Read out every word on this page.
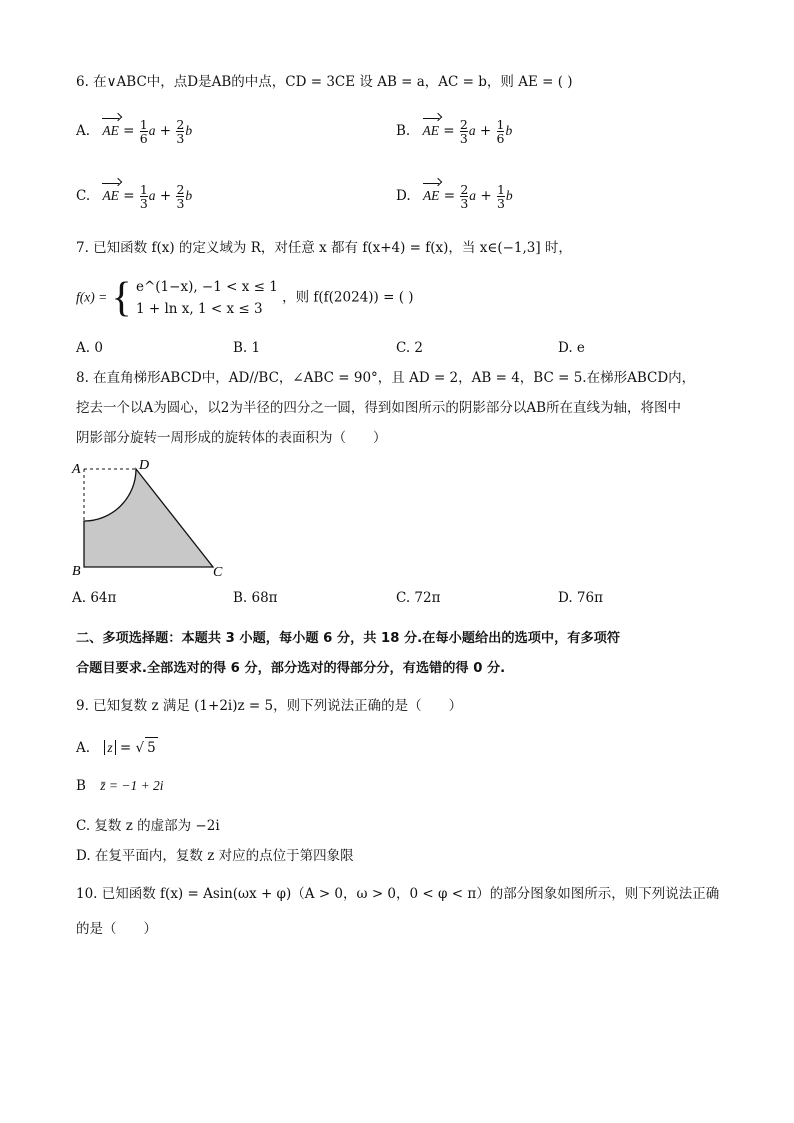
6. 在∨ABC中，点D是AB的中点，CD = 3CE 设 AB = a，AC = b，则 AE = ( )
A. AE = $\frac{1}{6}$ $a + \frac{2}{3}$ b	B. AE = $\frac{2}{3}$ $a + \frac{1}{6}$ b
C. AE = $\frac{1}{3}$ $a + \frac{2}{3}$ b	D. AE = $\frac{2}{3}$ $a + \frac{1}{3}$ b
7. 已知函数 f(x) 的定义域为 R，对任意 x 都有 f(x+4) = f(x)，当 x∈(−1,3] 时，
f(x) = { e^(1−x), −1 < x ≤ 1
1 + ln x, 1 < x ≤ 3
，则 f(f(2024)) = ( )
A. 0	B. 1	C. 2	D. e
8. 在直角梯形ABCD中，AD//BC，∠ABC = 90°，且 AD = 2，AB = 4，BC = 5.在梯形ABCD内，
挖去一个以A为圆心，以2为半径的四分之一圆，得到如图所示的阴影部分以AB所在直线为轴，将图中
阴影部分旋转一周形成的旋转体的表面积为（　　）
A	D
B	C
A. 64π	B. 68π	C. 72π	D. 76π
二、多项选择题：本题共 3 小题，每小题 6 分，共 18 分.在每小题给出的选项中，有多项符
合题目要求.全部选对的得 6 分，部分选对的得部分分，有选错的得 0 分.
9. 已知复数 z 满足 (1+2i)z = 5，则下列说法正确的是（　　）
A. z = √ 5
B z̄ = −1 + 2i
C. 复数 z 的虚部为 −2i
D. 在复平面内，复数 z 对应的点位于第四象限
10. 已知函数 f(x) = Asin(ωx + φ)（A > 0，ω > 0，0 < φ < π）的部分图象如图所示，则下列说法正确
的是（　　）
